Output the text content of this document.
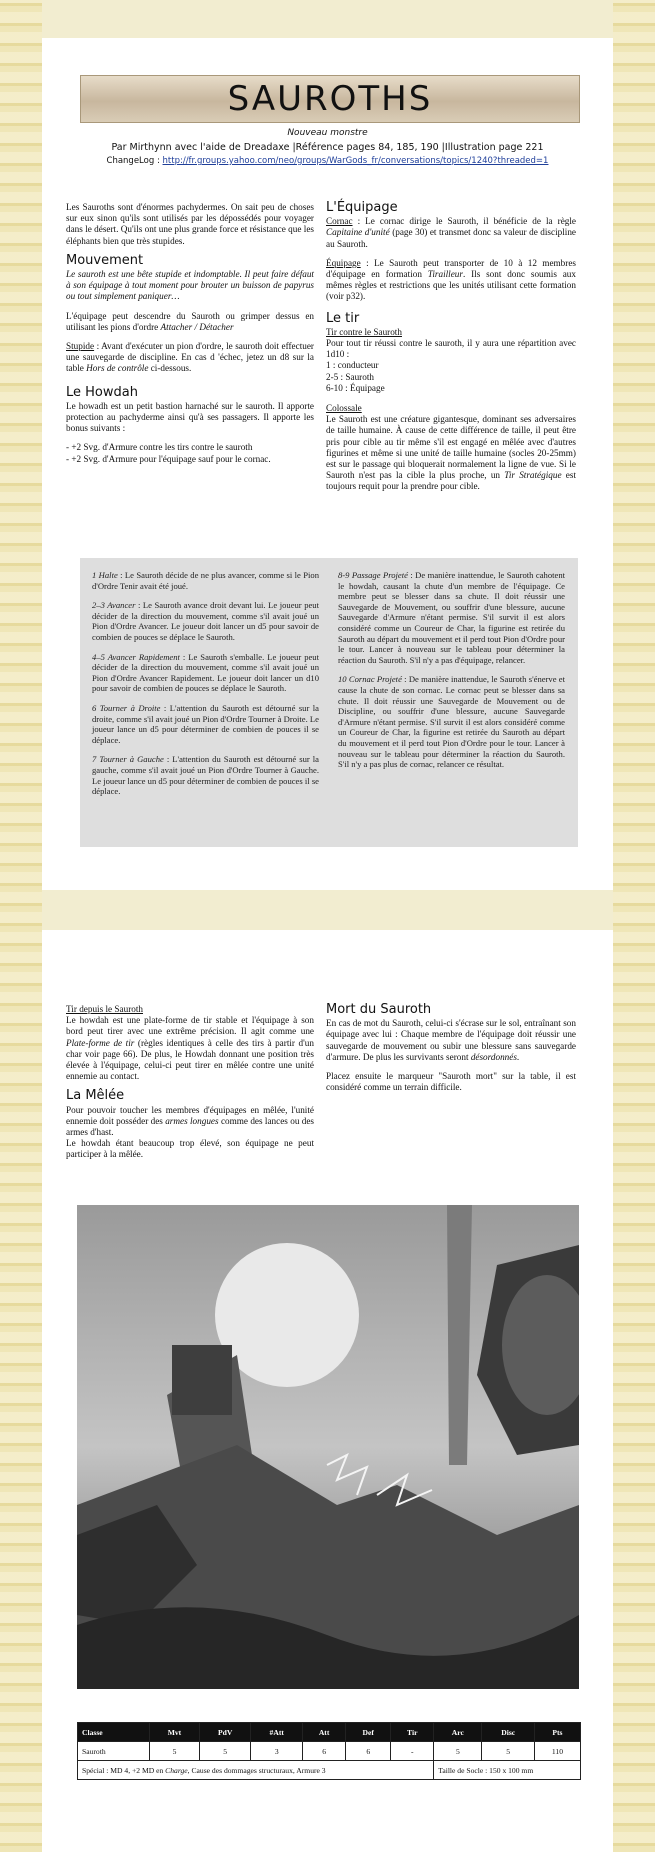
SAUROTHS
Nouveau monstre
Par Mirthynn avec l'aide de Dreadaxe |Référence pages 84, 185, 190 |Illustration page 221
ChangeLog : http://fr.groups.yahoo.com/neo/groups/WarGods_fr/conversations/topics/1240?threaded=1

Les Sauroths sont d'énormes pachydermes. On sait peu de choses sur eux sinon qu'ils sont utilisés par les dépossédés pour voyager dans le désert. Qu'ils ont une plus grande force et résistance que les éléphants bien que très stupides.

Mouvement

Le sauroth est une bête stupide et indomptable. Il peut faire défaut à son équipage à tout moment pour brouter un buisson de papyrus ou tout simplement paniquer…

L'équipage peut descendre du Sauroth ou grimper dessus en utilisant les pions d'ordre Attacher / Détacher

Stupide : Avant d'exécuter un pion d'ordre, le sauroth doit effectuer une sauvegarde de discipline. En cas d 'échec, jetez un d8 sur la table Hors de contrôle ci-dessous.

Le Howdah

Le howadh est un petit bastion harnaché sur le sauroth. Il apporte protection au pachyderme ainsi qu'à ses passagers. Il apporte les bonus suivants :

- +2 Svg. d'Armure contre les tirs contre le sauroth
- +2 Svg. d'Armure pour l'équipage sauf pour le cornac.
L'Équipage

Cornac : Le cornac dirige le Sauroth, il bénéficie de la règle Capitaine d'unité (page 30) et transmet donc sa valeur de discipline au Sauroth.

Équipage : Le Sauroth peut transporter de 10 à 12 membres d'équipage en formation Tirailleur. Ils sont donc soumis aux mêmes règles et restrictions que les unités utilisant cette formation (voir p32).

Le tir
Tir contre le Sauroth
Pour tout tir réussi contre le sauroth, il y aura une répartition avec 1d10 :
1 : conducteur
2-5 : Sauroth
6-10 : Équipage
Colossale

Le Sauroth est une créature gigantesque, dominant ses adversaires de taille humaine. À cause de cette différence de taille, il peut être pris pour cible au tir même s'il est engagé en mêlée avec d'autres figurines et même si une unité de taille humaine (socles 20-25mm) est sur le passage qui bloquerait normalement la ligne de vue. Si le Sauroth n'est pas la cible la plus proche, un Tir Stratégique est toujours requit pour la prendre pour cible.

1 Halte : Le Sauroth décide de ne plus avancer, comme si le Pion d'Ordre Tenir avait été joué.

2–3 Avancer : Le Sauroth avance droit devant lui. Le joueur peut décider de la direction du mouvement, comme s'il avait joué un Pion d'Ordre Avancer. Le joueur doit lancer un d5 pour savoir de combien de pouces se déplace le Sauroth.

4–5 Avancer Rapidement : Le Sauroth s'emballe. Le joueur peut décider de la direction du mouvement, comme s'il avait joué un Pion d'Ordre Avancer Rapidement. Le joueur doit lancer un d10 pour savoir de combien de pouces se déplace le Sauroth.

6 Tourner à Droite : L'attention du Sauroth est détourné sur la droite, comme s'il avait joué un Pion d'Ordre Tourner à Droite. Le joueur lance un d5 pour déterminer de combien de pouces il se déplace.

7 Tourner à Gauche : L'attention du Sauroth est détourné sur la gauche, comme s'il avait joué un Pion d'Ordre Tourner à Gauche. Le joueur lance un d5 pour déterminer de combien de pouces il se déplace.

8-9 Passage Projeté : De manière inattendue, le Sauroth cahotent le howdah, causant la chute d'un membre de l'équipage. Ce membre peut se blesser dans sa chute. Il doit réussir une Sauvegarde de Mouvement, ou souffrir d'une blessure, aucune Sauvegarde d'Armure n'étant permise. S'il survit il est alors considéré comme un Coureur de Char, la figurine est retirée du Sauroth au départ du mouvement et il perd tout Pion d'Ordre pour le tour. Lancer à nouveau sur le tableau pour déterminer la réaction du Sauroth. S'il n'y a pas d'équipage, relancer.

10 Cornac Projeté : De manière inattendue, le Sauroth s'énerve et cause la chute de son cornac. Le cornac peut se blesser dans sa chute. Il doit réussir une Sauvegarde de Mouvement ou de Discipline, ou souffrir d'une blessure, aucune Sauvegarde d'Armure n'étant permise. S'il survit il est alors considéré comme un Coureur de Char, la figurine est retirée du Sauroth au départ du mouvement et il perd tout Pion d'Ordre pour le tour. Lancer à nouveau sur le tableau pour déterminer la réaction du Sauroth. S'il n'y a pas plus de cornac, relancer ce résultat.

Tir depuis le Sauroth

Le howdah est une plate-forme de tir stable et l'équipage à son bord peut tirer avec une extrême précision. Il agit comme une Plate-forme de tir (règles identiques à celle des tirs à partir d'un char voir page 66). De plus, le Howdah donnant une position très élevée à l'équipage, celui-ci peut tirer en mêlée contre une unité ennemie au contact.

La Mêlée
Pour pouvoir toucher les membres d'équipages en mêlée, l'unité ennemie doit posséder des armes longues comme des lances ou des armes d'hast.
Le howdah étant beaucoup trop élevé, son équipage ne peut participer à la mêlée.
Mort du Sauroth

En cas de mot du Sauroth, celui-ci s'écrase sur le sol, entraînant son équipage avec lui : Chaque membre de l'équipage doit réussir une sauvegarde de mouvement ou subir une blessure sans sauvegarde d'armure. De plus les survivants seront désordonnés.

Placez ensuite le marqueur "Sauroth mort" sur la table, il est considéré comme un terrain difficile.

Classe	Mvt	PdV	#Att	Att	Def	Tir	Arc	Disc	Pts
Sauroth	5	5	3	6	6	-	5	5	110
Spécial : MD 4, +2 MD en Charge, Cause des dommages structuraux, Armure 3							Taille de Socle : 150 x 100 mm		
